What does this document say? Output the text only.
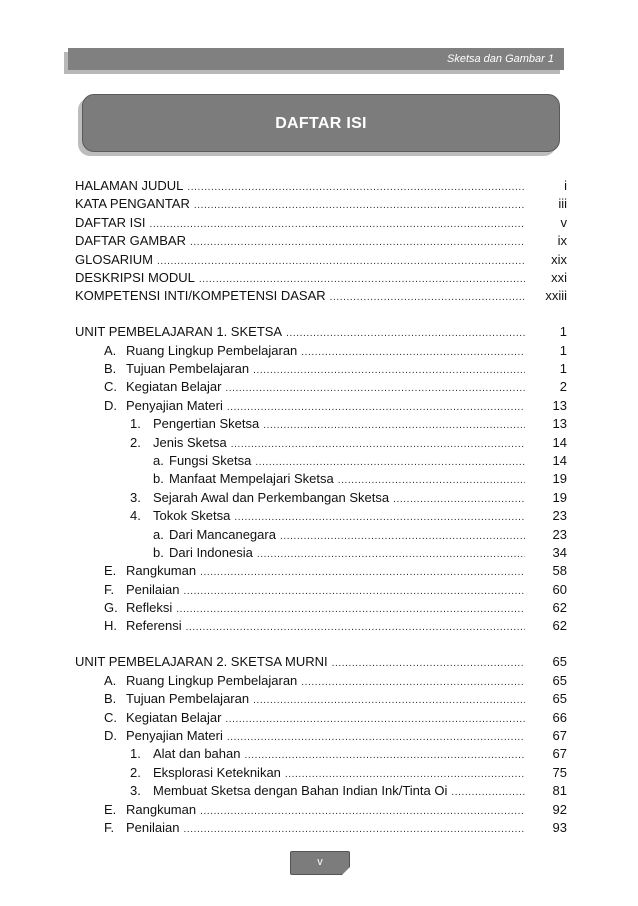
Sketsa dan Gambar 1
DAFTAR ISI
HALAMAN JUDUL .....	i
KATA PENGANTAR .....	iii
DAFTAR ISI .....	v
DAFTAR GAMBAR .....	ix
GLOSARIUM .....	xix
DESKRIPSI MODUL .....	xxi
KOMPETENSI INTI/KOMPETENSI DASAR .....	xxiii
UNIT PEMBELAJARAN 1. SKETSA .....	1
A. Ruang Lingkup Pembelajaran .....	1
B. Tujuan Pembelajaran .....	1
C. Kegiatan Belajar .....	2
D. Penyajian Materi .....	13
1. Pengertian Sketsa .....	13
2. Jenis Sketsa .....	14
a. Fungsi Sketsa .....	14
b. Manfaat Mempelajari Sketsa .....	19
3. Sejarah Awal dan Perkembangan Sketsa .....	19
4. Tokok Sketsa .....	23
a. Dari Mancanegara .....	23
b. Dari Indonesia .....	34
E. Rangkuman .....	58
F. Penilaian .....	60
G. Refleksi .....	62
H. Referensi .....	62
UNIT PEMBELAJARAN 2. SKETSA MURNI .....	65
A. Ruang Lingkup Pembelajaran .....	65
B. Tujuan Pembelajaran .....	65
C. Kegiatan Belajar .....	66
D. Penyajian Materi .....	67
1. Alat dan bahan .....	67
2. Eksplorasi Keteknikan .....	75
3. Membuat Sketsa dengan Bahan Indian Ink/Tinta Oi .....	81
E. Rangkuman .....	92
F. Penilaian .....	93
v
